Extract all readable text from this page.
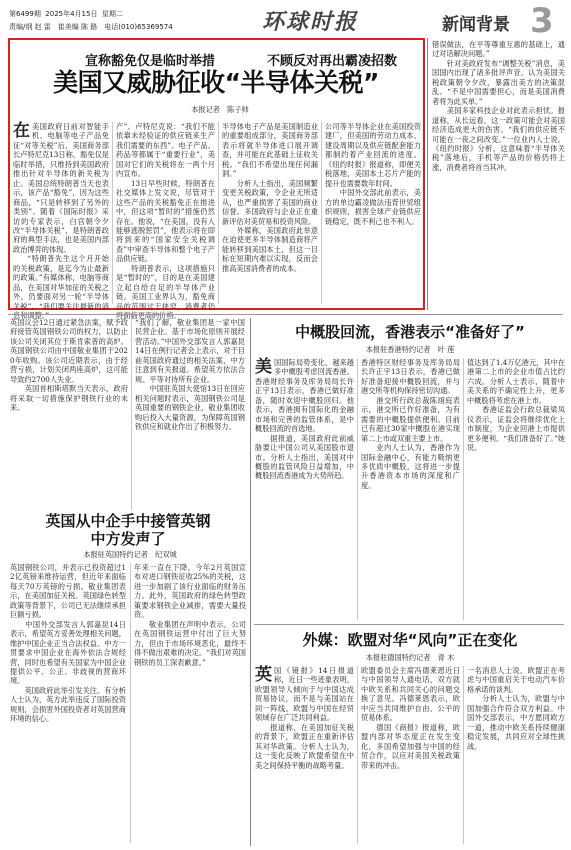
第6499期 2025年4月15日 星期二
责编/纲 赵 雷　崔美编 陈 路　电话(010)65369574	环球时报	新闻背景 3
宣称豁免仅是临时举措	不顾反对再出霸凌招数
美国又威胁征收“半导体关税”
本报记者　陈子帅

在美国政府日前对智能手机、电脑等电子产品免征“对等关税”后，美国商务部长卢特尼克13日称，豁免仅是临时举措，只维持到美国政府推出针对半导体的新关税为止。美国总统特朗普当天也表示，该产品“豁免”，因为这些商品，“只是转移到了另外的类别”。随着《国际时报》采访的专家表示，白宫朝令夕改“半导体关税”，是特朗普政府的典型手法，也是美国内部政治博弈的体现。

“特朗普先生这个月开始的关税政策，是迄今为止最新的政策。”有媒体称，电脑等商品，在美国对华加征的关税之外，仍要面对另一轮“半导体关税”。“我们要关注最新的消息和调整。”

产”。卢特尼克说：“我们不能依靠未经验证的供应链来生产我们需要的东西”。电子产品、药品等都属于“重要行业”，美国对它们的关税将在一两个月内宣布。
　　13日早些时候，特朗普在社交媒体上发文说，尽管对于这些产品的关税豁免正在推进中，但这项“暂时的”措施仍然存在。他说，“在美国，没有人能够逃脱惩罚”，他表示将在即将到来的“国家安全关税调查”中审查半导体和整个电子产品供应链。
　　特朗普表示，这项措施只是“暂时的”，目的是在美国建立起自给自足的半导体产业链。美国工业界认为，豁免商品的范围过于狭窄，消费者仍将面临更高的价格。
半导体电子产品是美国制造业的重要组成部分，美国商务部表示将就半导体进口展开调查，并可能在此基础上征收关税。“我们不希望出现任何漏洞。”
　　分析人士指出，美国频繁变更关税政策，令企业无所适从，也严重损害了美国的商业信誉。多国政府与企业正在重新评估对美贸易和投资风险。
　　外媒称，美国政府此举意在迫使更多半导体制造商将产能转移到美国本土，但这一目标在短期内难以实现，反而会推高美国消费者的成本。
公司等半导体企业在美国投资建厂，但美国的劳动力成本、建设周期以及供应链配套能力都制约着产业回流的进度。《纽约时报》报道称，即便关税落地，美国本土芯片产能的提升也需要数年时间。
　　中国外交部此前表示，美方的单边霸凌做法违背世贸组织规则，损害全球产业链供应链稳定，既不利己也不利人。
错误做法，在平等尊重互惠的基础上，通过对话解决问题。”
　　针对美政府发布“调整关税”消息，美国国内出现了诸多批评声音，认为美国关税政策朝令夕改，暴露出美方的决策混乱。“不是中国需要担心，而是美国消费者将为此买单。”
　　美国多家科技企业对此表示担忧。报道称，从长远看，这一政策可能会对美国经济造成更大的伤害。“我们的供应链不可能在一夜之间改变。”一位业内人士说。《纽约时报》分析，这意味着“半导体关税”落地后，手机等产品的价格仍将上涨，消费者将首当其冲。

英国议会12日通过紧急法案，赋予政府接管英国钢铁公司的权力，以防止该公司关闭其位于斯肯索普的高炉。英国钢铁公司由中国敬业集团于2020年收购。该公司近期表示，由于经营亏损，计划关闭两座高炉，这可能导致约2700人失业。
　　英国首相斯塔默当天表示，政府将采取一切措施保护钢铁行业的未来。

“我们了解，敬业集团是一家中国民营企业。基于市场化原则开展经营活动。”中国外交部发言人郭嘉昆14日在例行记者会上表示，对于目前英国政府通过的相关法案，中方注意到有关报道。希望英方依法合规、平等对待所有企业。
　　中国驻英国大使馆13日在回应相关问题时表示，英国钢铁公司是英国重要的钢铁企业，敬业集团收购后投入大量资源，为保障英国钢铁供应和就业作出了积极努力。
英国从中企手中接管英钢
中方发声了
本报驻英国特约记者　纪双城
英国钢铁公司，并表示已投资超过12亿英镑来维持运营，但近年来面临每天70万英镑的亏损。敬业集团表示，在美国加征关税、英国绿色转型政策等背景下，公司已无法继续承担巨额亏损。
　　中国外交部发言人郭嘉昆14日表示，希望英方妥善处理相关问题，维护中国企业正当合法权益。中方一贯要求中国企业在海外依法合规经营，同时也希望有关国家为中国企业提供公平、公正、非歧视的营商环境。
　　英国政府此举引发关注。有分析人士认为，英方此举违反了国际投资规则，会损害外国投资者对英国营商环境的信心。
年来一直在下降，今年2月英国宣布对进口钢铁征收25%的关税，这进一步加剧了该行业面临的财务压力。此外，英国政府的绿色转型政策要求钢铁企业减排，需要大量投资。
　　敬业集团在声明中表示，公司在英国钢铁运营中付出了巨大努力，但由于市场环境恶化，最终不得不做出艰难的决定。“我们对英国钢铁的员工深表歉意。”
中概股回流，香港表示“准备好了”
本报驻香港特约记者　叶 莲

美国国际局势变化，越来越多中概股考虑回流香港。香港财经事务及库务局局长许正宇13日表示，香港已做好准备，随时欢迎中概股回归。他表示，香港拥有国际化的金融市场和完善的监管体系，是中概股回流的首选地。
　　据报道，美国政府此前威胁要让中国公司从美国股市退市。分析人士指出，美国对中概股的监管风险日益增加，中概股回流香港成为大势所趋。

香港特区财经事务及库务局局长许正宇13日表示，香港已做好准备迎接中概股回流，并与港交所等机构保持密切沟通。
　　港交所行政总裁陈翊庭表示，港交所已作好准备，为有需要的中概股提供便利。目前已有超过30家中概股在港实现第二上市或双重主要上市。
　　业内人士认为，香港作为国际金融中心，有能力吸纳更多优质中概股，这将进一步提升香港资本市场的深度和广度。
值达到了1.4万亿港元，其中在港第二上市的企业市值占比约六成。分析人士表示，随着中美关系的不确定性上升，更多中概股将考虑在港上市。
　　香港证监会行政总裁梁凤仪表示，证监会将继续优化上市制度，为企业回港上市提供更多便利。“我们准备好了。”她说。
外媒：欧盟对华“风向”正在变化
本报驻德国特约记者　青 木

英国《镜报》14日报道称，近日一些迹象表明，欧盟领导人倾向于与中国达成贸易协议，而不是与美国站在同一阵线。欧盟与中国在经贸领域存在广泛共同利益。
　　报道称，在美国加征关税的背景下，欧盟正在重新评估其对华政策。分析人士认为，这一变化反映了欧盟希望在中美之间保持平衡的战略考量。

欧盟委员会主席冯德莱恩近日与中国领导人通电话，双方就中欧关系和共同关心的问题交换了意见。冯德莱恩表示，欧中应当共同维护自由、公平的贸易体系。
　　德国《商报》报道称，欧盟内部对华态度正在发生变化，多国希望加强与中国的经贸合作，以应对美国关税政策带来的冲击。
一名消息人士说，欧盟正在考虑与中国重启关于电动汽车价格承诺的谈判。
　　分析人士认为，欧盟与中国加强合作符合双方利益。中国外交部表示，中方愿同欧方一道，推动中欧关系持续健康稳定发展，共同应对全球性挑战。
